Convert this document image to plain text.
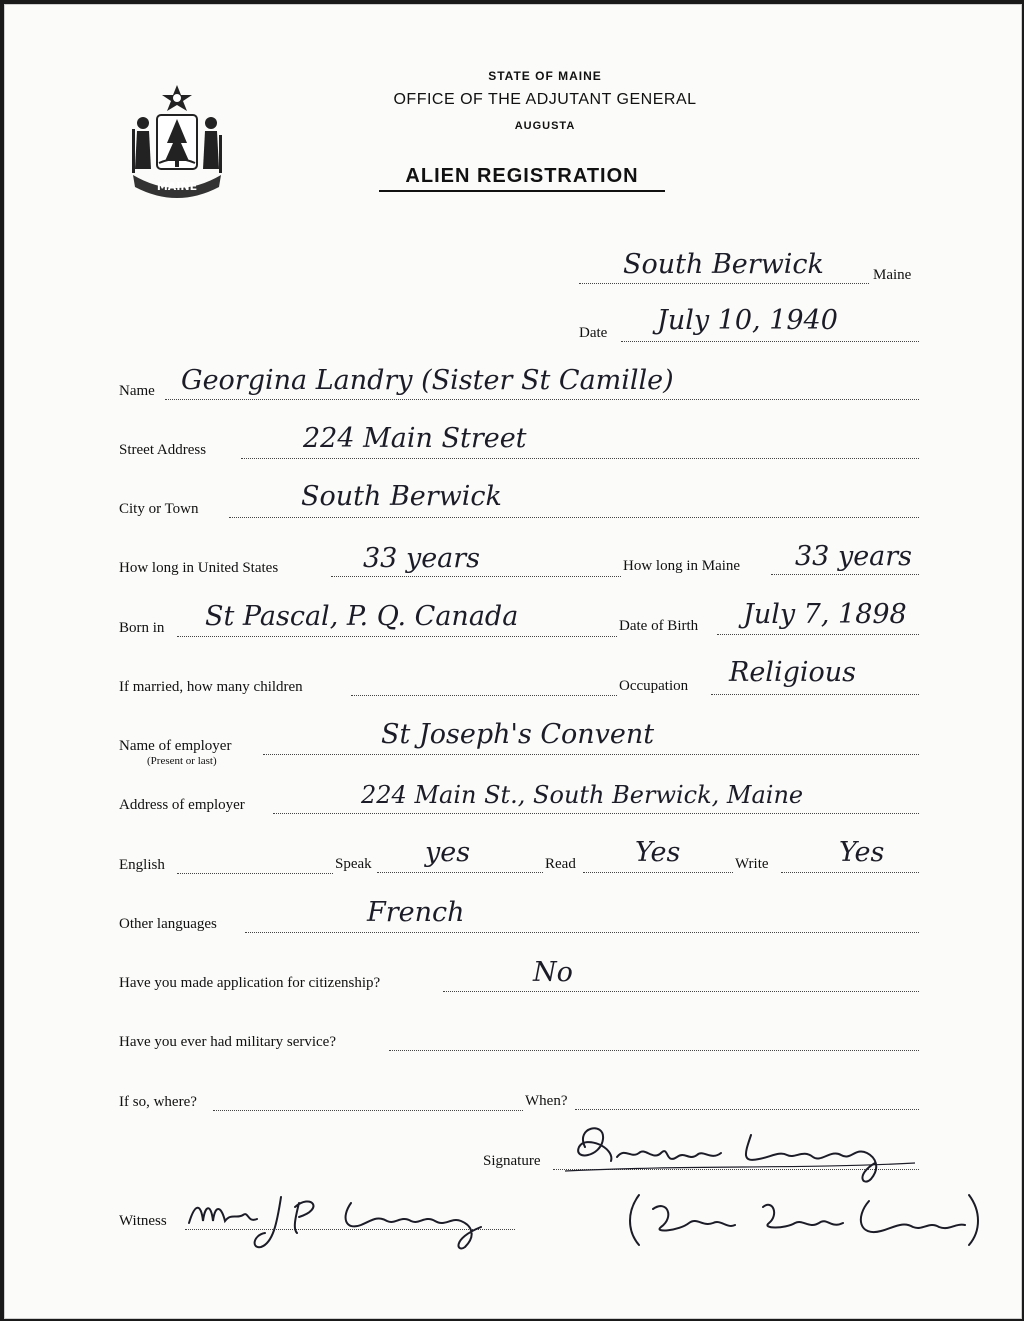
MAINE
STATE OF MAINE
OFFICE OF THE ADJUTANT GENERAL
AUGUSTA
ALIEN REGISTRATION
South Berwick	Maine
Date July 10, 1940
Name Georgina Landry (Sister St Camille)
Street Address	224 Main Street
City or Town	South Berwick
How long in United States	33 years	How long in Maine 33 years
Born in St Pascal, P. Q. Canada	Date of Birth July 7, 1898
If married, how many children	Occupation Religious
Name of employer
(Present or last)
St Joseph's Convent
Address of employer	224 Main St., South Berwick, Maine
English	Speak yes	Read Yes	Write	Yes
Other languages	French
Have you made application for citizenship?	No
Have you ever had military service?
If so, where?	When?
Signature
Witness
